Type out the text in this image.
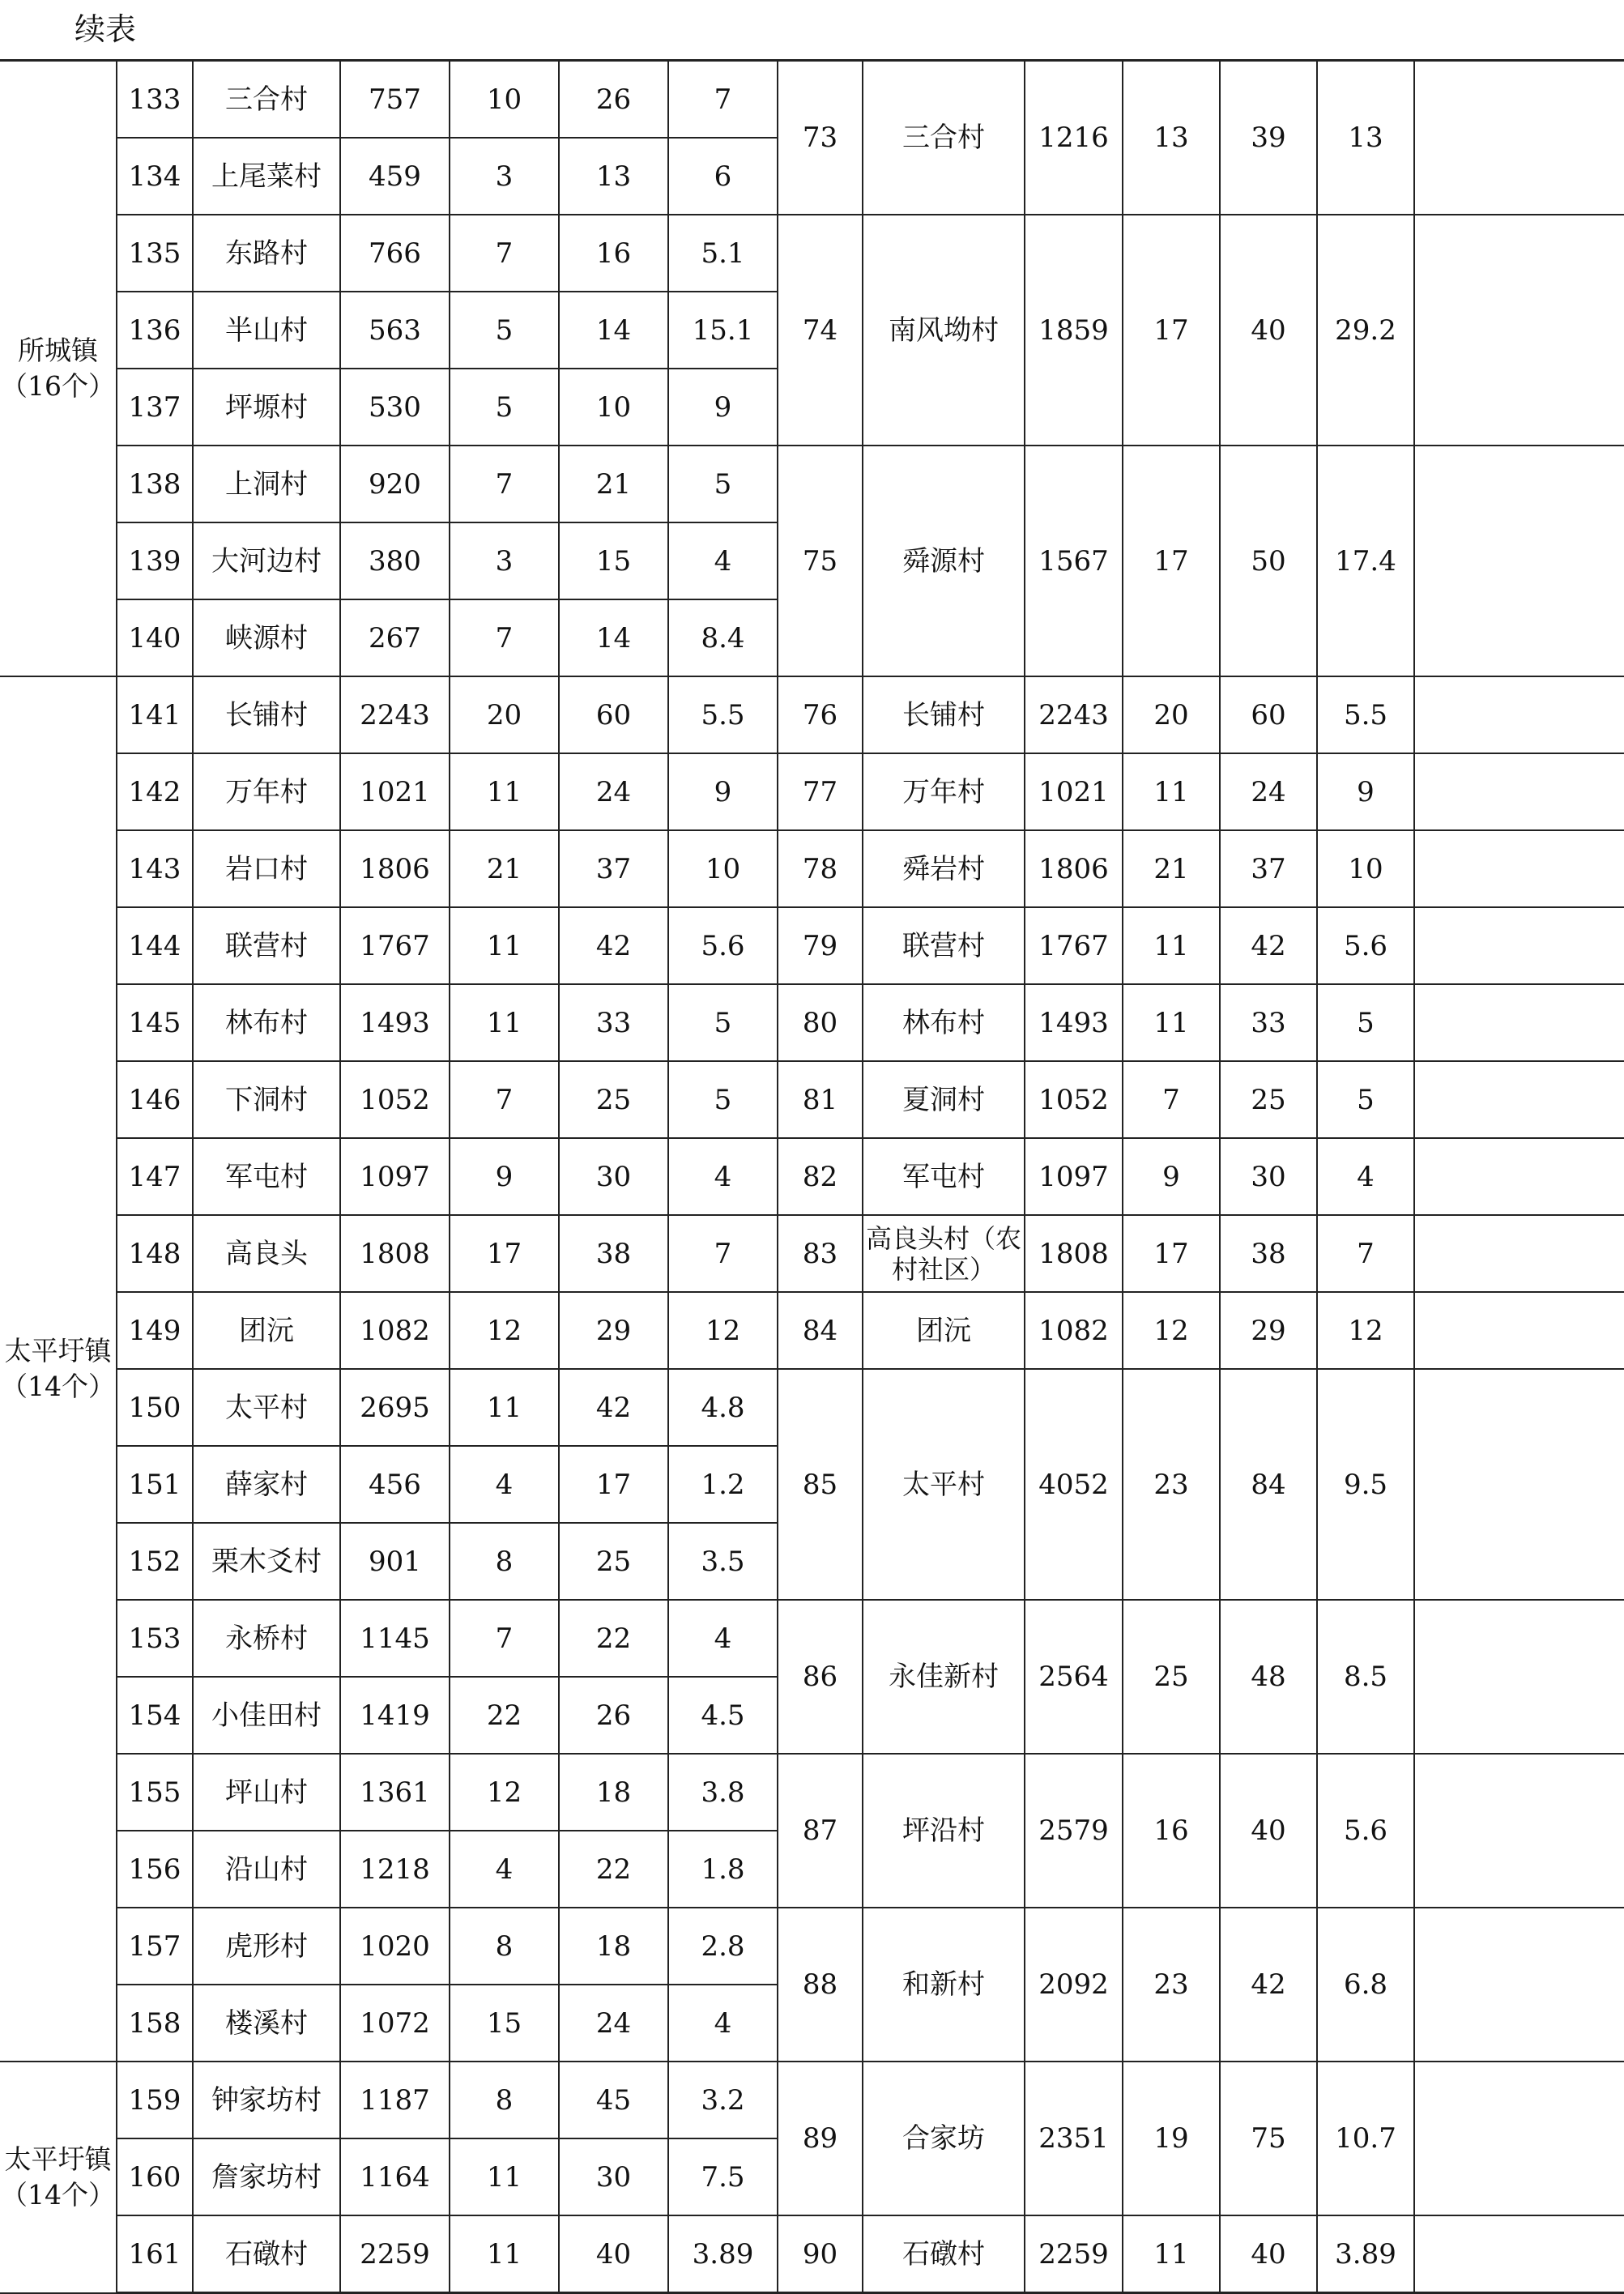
续表
所城镇（16个）	133	三合村	757	10	26	7	73	三合村	1216	13	39	13	
	134	上尾菜村	459	3	13	6							
	135	东路村	766	7	16	5.1	74	南风坳村	1859	17	40	29.2	
	136	半山村	563	5	14	15.1							
	137	坪塬村	530	5	10	9							
	138	上洞村	920	7	21	5	75	舜源村	1567	17	50	17.4	
	139	大河边村	380	3	15	4							
	140	峡源村	267	7	14	8.4							
太平圩镇（14个）	141	长铺村	2243	20	60	5.5	76	长铺村	2243	20	60	5.5	
	142	万年村	1021	11	24	9	77	万年村	1021	11	24	9	
	143	岩口村	1806	21	37	10	78	舜岩村	1806	21	37	10	
	144	联营村	1767	11	42	5.6	79	联营村	1767	11	42	5.6	
	145	林布村	1493	11	33	5	80	林布村	1493	11	33	5	
	146	下洞村	1052	7	25	5	81	夏洞村	1052	7	25	5	
	147	军屯村	1097	9	30	4	82	军屯村	1097	9	30	4	
	148	高良头	1808	17	38	7	83	高良头村（农村社区）	1808	17	38	7	
	149	团沅	1082	12	29	12	84	团沅	1082	12	29	12	
	150	太平村	2695	11	42	4.8	85	太平村	4052	23	84	9.5	
	151	薛家村	456	4	17	1.2							
	152	栗木爻村	901	8	25	3.5							
	153	永桥村	1145	7	22	4	86	永佳新村	2564	25	48	8.5	
	154	小佳田村	1419	22	26	4.5							
	155	坪山村	1361	12	18	3.8	87	坪沿村	2579	16	40	5.6	
	156	沿山村	1218	4	22	1.8							
	157	虎形村	1020	8	18	2.8	88	和新村	2092	23	42	6.8	
	158	楼溪村	1072	15	24	4							
太平圩镇（14个）	159	钟家坊村	1187	8	45	3.2	89	合家坊	2351	19	75	10.7	
	160	詹家坊村	1164	11	30	7.5							
	161	石礅村	2259	11	40	3.89	90	石礅村	2259	11	40	3.89	
